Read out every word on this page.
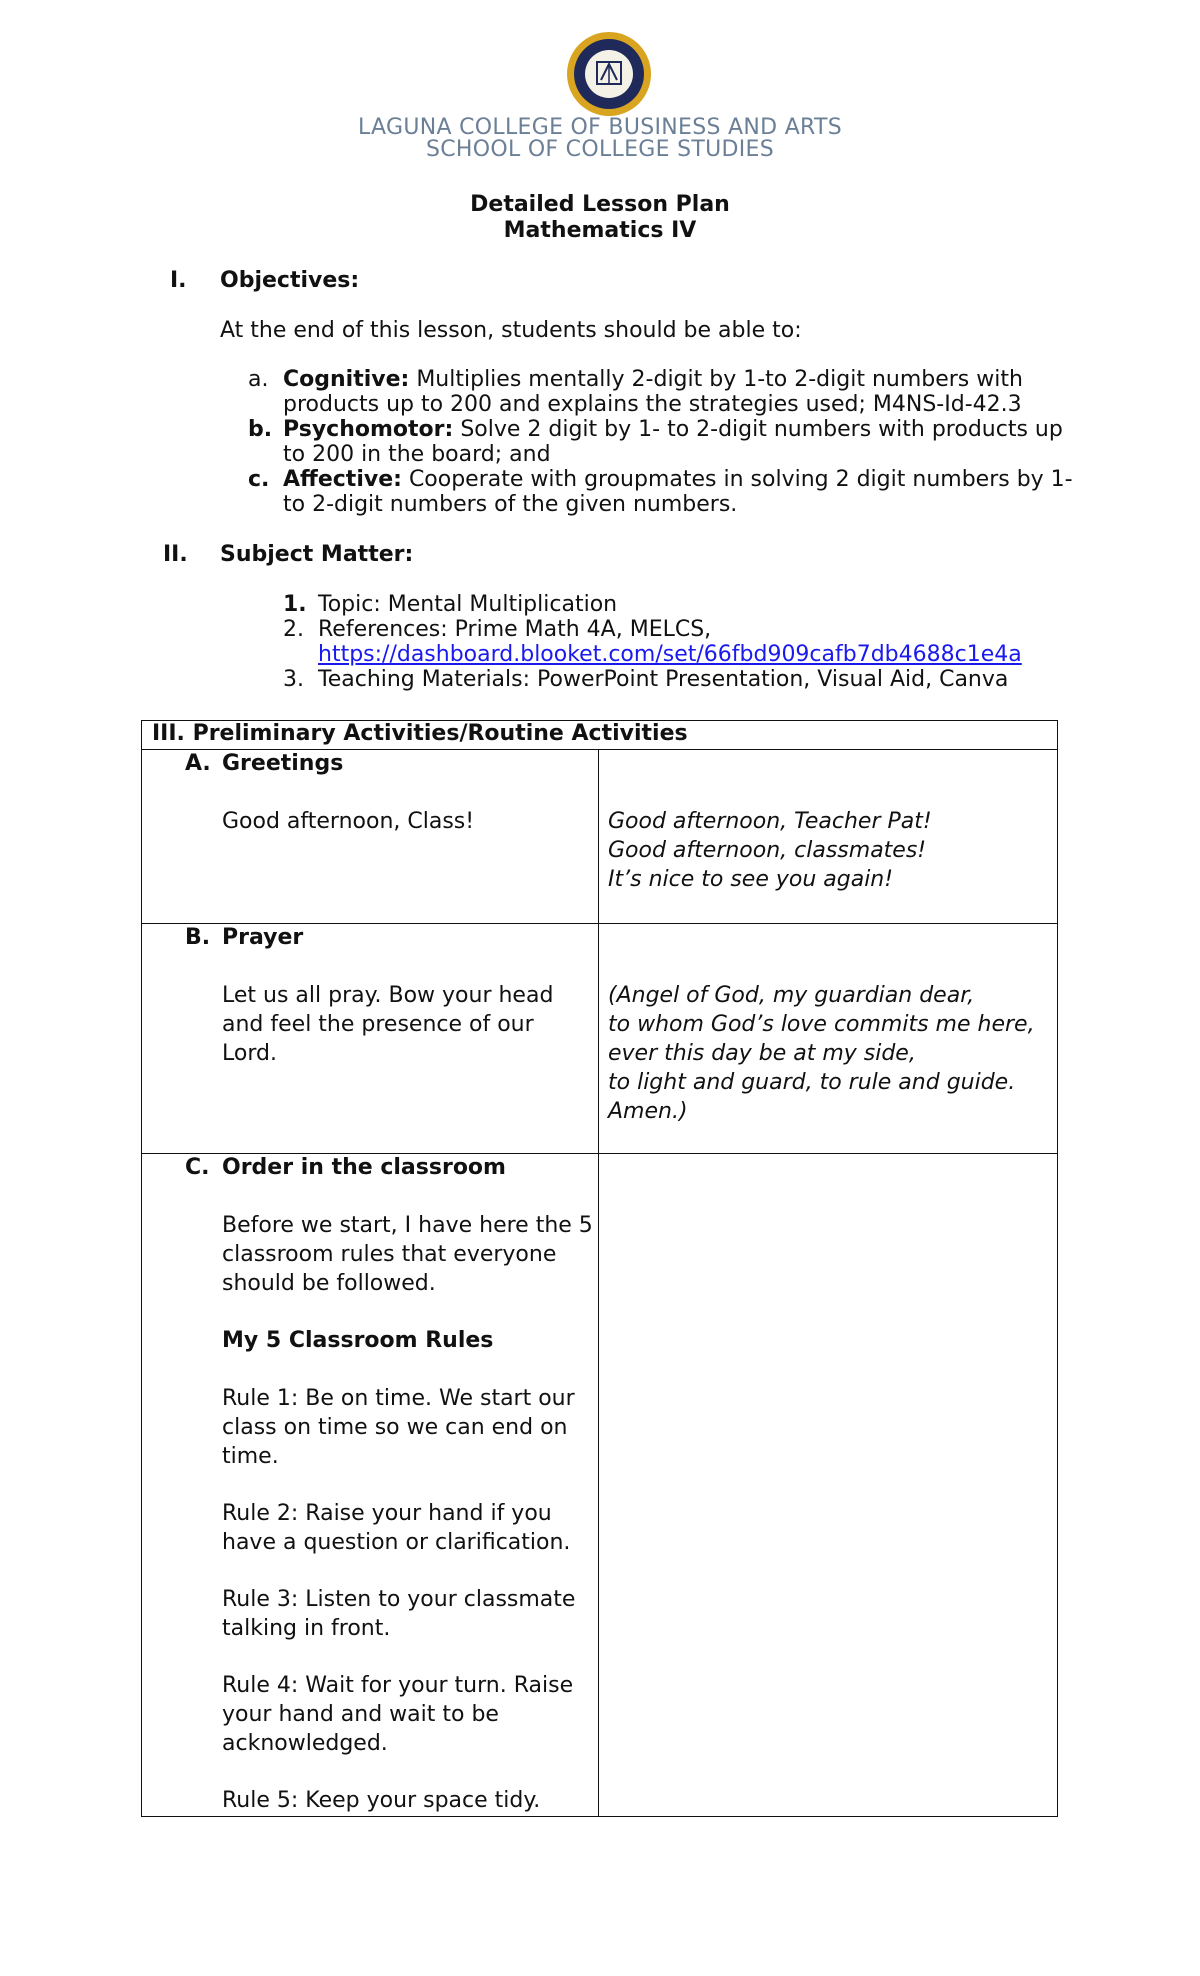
LAGUNA COLLEGE OF BUSINESS AND ARTS
SCHOOL OF COLLEGE STUDIES
Detailed Lesson Plan
Mathematics IV
I. Objectives:
At the end of this lesson, students should be able to:
a. Cognitive: Multiplies mentally 2-digit by 1-to 2-digit numbers with
products up to 200 and explains the strategies used; M4NS-Id-42.3
b. Psychomotor: Solve 2 digit by 1- to 2-digit numbers with products up
to 200 in the board; and
c. Affective: Cooperate with groupmates in solving 2 digit numbers by 1-
to 2-digit numbers of the given numbers.
II. Subject Matter:
1. Topic: Mental Multiplication
2. References: Prime Math 4A, MELCS,
https://dashboard.blooket.com/set/66fbd909cafb7db4688c1e4a
3. Teaching Materials: PowerPoint Presentation, Visual Aid, Canva
III. Preliminary Activities/Routine Activities
A. Greetings
Good afternoon, Class!	Good afternoon, Teacher Pat!
Good afternoon, classmates!
It’s nice to see you again!
B. Prayer
Let us all pray. Bow your head
and feel the presence of our
Lord.
(Angel of God, my guardian dear,
to whom God’s love commits me here,
ever this day be at my side,
to light and guard, to rule and guide.
Amen.)
C. Order in the classroom
Before we start, I have here the 5
classroom rules that everyone
should be followed.
My 5 Classroom Rules
Rule 1: Be on time. We start our
class on time so we can end on
time.
Rule 2: Raise your hand if you
have a question or clarification.
Rule 3: Listen to your classmate
talking in front.
Rule 4: Wait for your turn. Raise
your hand and wait to be
acknowledged.
Rule 5: Keep your space tidy.
